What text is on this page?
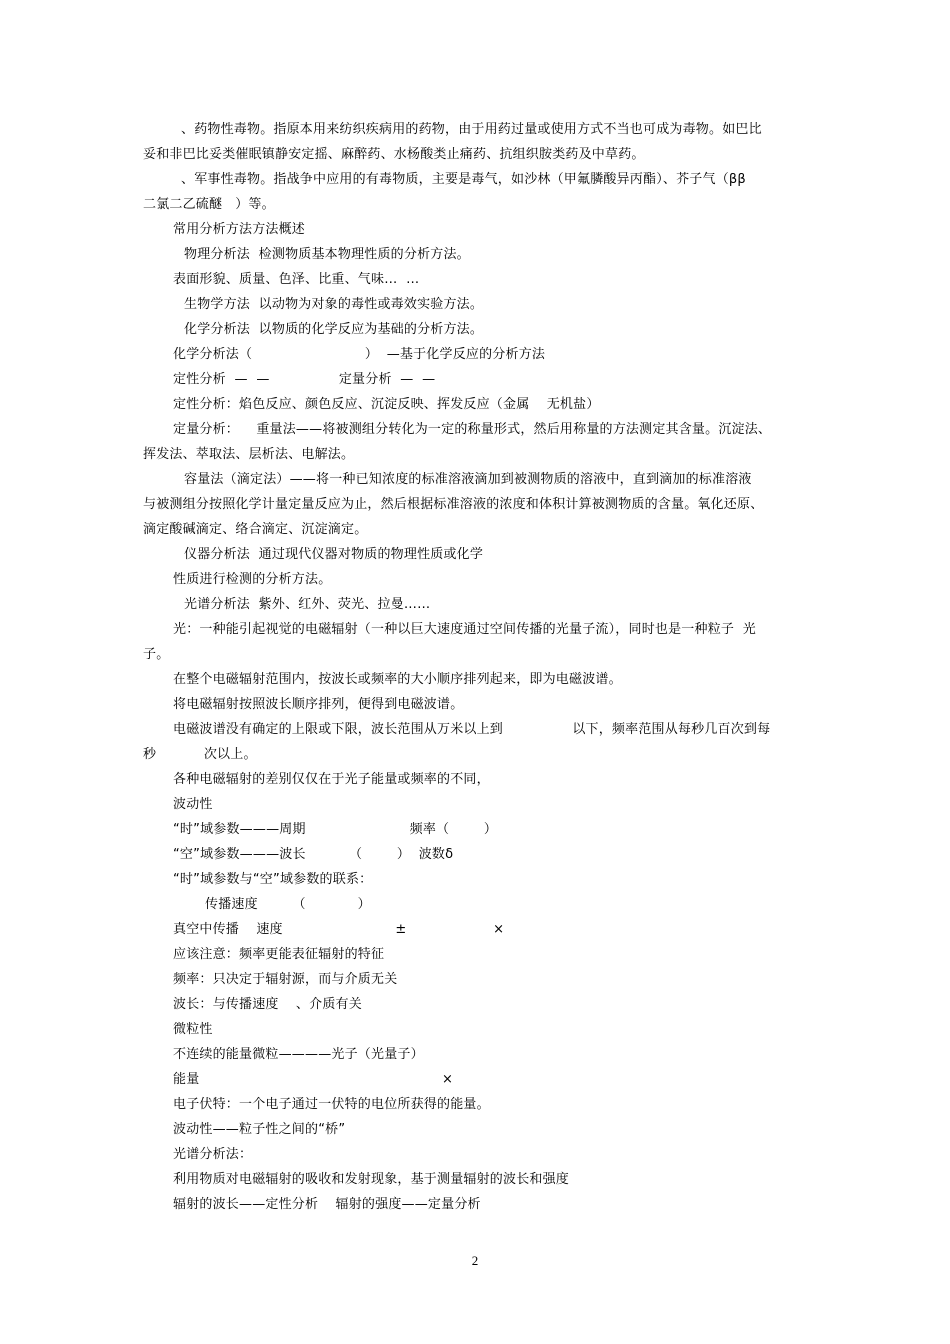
、药物性毒物。指原本用来纺织疾病用的药物，由于用药过量或使用方式不当也可成为毒物。如巴比
妥和非巴比妥类催眠镇静安定摇、麻醉药、水杨酸类止痛药、抗组织胺类药及中草药。
、军事性毒物。指战争中应用的有毒物质，主要是毒气，如沙林（甲氟膦酸异丙酯）、芥子气（ββ
二氯二乙硫醚   ）等。
常用分析方法方法概述
物理分析法  检测物质基本物理性质的分析方法。
表面形貌、质量、色泽、比重、气味…  …
生物学方法  以动物为对象的毒性或毒效实验方法。
化学分析法  以物质的化学反应为基础的分析方法。
化学分析法（                          ）  —基于化学反应的分析方法
定性分析  —  —                定量分析  —  —
定性分析：焰色反应、颜色反应、沉淀反映、挥发反应（金属    无机盐）
定量分析：    重量法——将被测组分转化为一定的称量形式，然后用称量的方法测定其含量。沉淀法、
挥发法、萃取法、层析法、电解法。
容量法（滴定法）——将一种已知浓度的标准溶液滴加到被测物质的溶液中，直到滴加的标准溶液
与被测组分按照化学计量定量反应为止，然后根据标准溶液的浓度和体积计算被测物质的含量。氧化还原、
滴定酸碱滴定、络合滴定、沉淀滴定。
仪器分析法  通过现代仪器对物质的物理性质或化学
性质进行检测的分析方法。
光谱分析法  紫外、红外、荧光、拉曼……
光：一种能引起视觉的电磁辐射（一种以巨大速度通过空间传播的光量子流），同时也是一种粒子  光
子。
在整个电磁辐射范围内，按波长或频率的大小顺序排列起来，即为电磁波谱。
将电磁辐射按照波长顺序排列，便得到电磁波谱。
电磁波谱没有确定的上限或下限，波长范围从万米以上到                以下，频率范围从每秒几百次到每
秒           次以上。
各种电磁辐射的差别仅仅在于光子能量或频率的不同，
波动性
“时”域参数———周期                        频率（        ）
“空”域参数———波长          （        ）  波数δ
“时”域参数与“空”域参数的联系：
传播速度        （            ）
真空中传播    速度                          ±                    ×
应该注意：频率更能表征辐射的特征
频率：只决定于辐射源，而与介质无关
波长：与传播速度    、介质有关
微粒性
不连续的能量微粒————光子（光量子）
能量                                                        ×
电子伏特：一个电子通过一伏特的电位所获得的能量。
波动性——粒子性之间的“桥”
光谱分析法：
利用物质对电磁辐射的吸收和发射现象，基于测量辐射的波长和强度
辐射的波长——定性分析    辐射的强度——定量分析
2
